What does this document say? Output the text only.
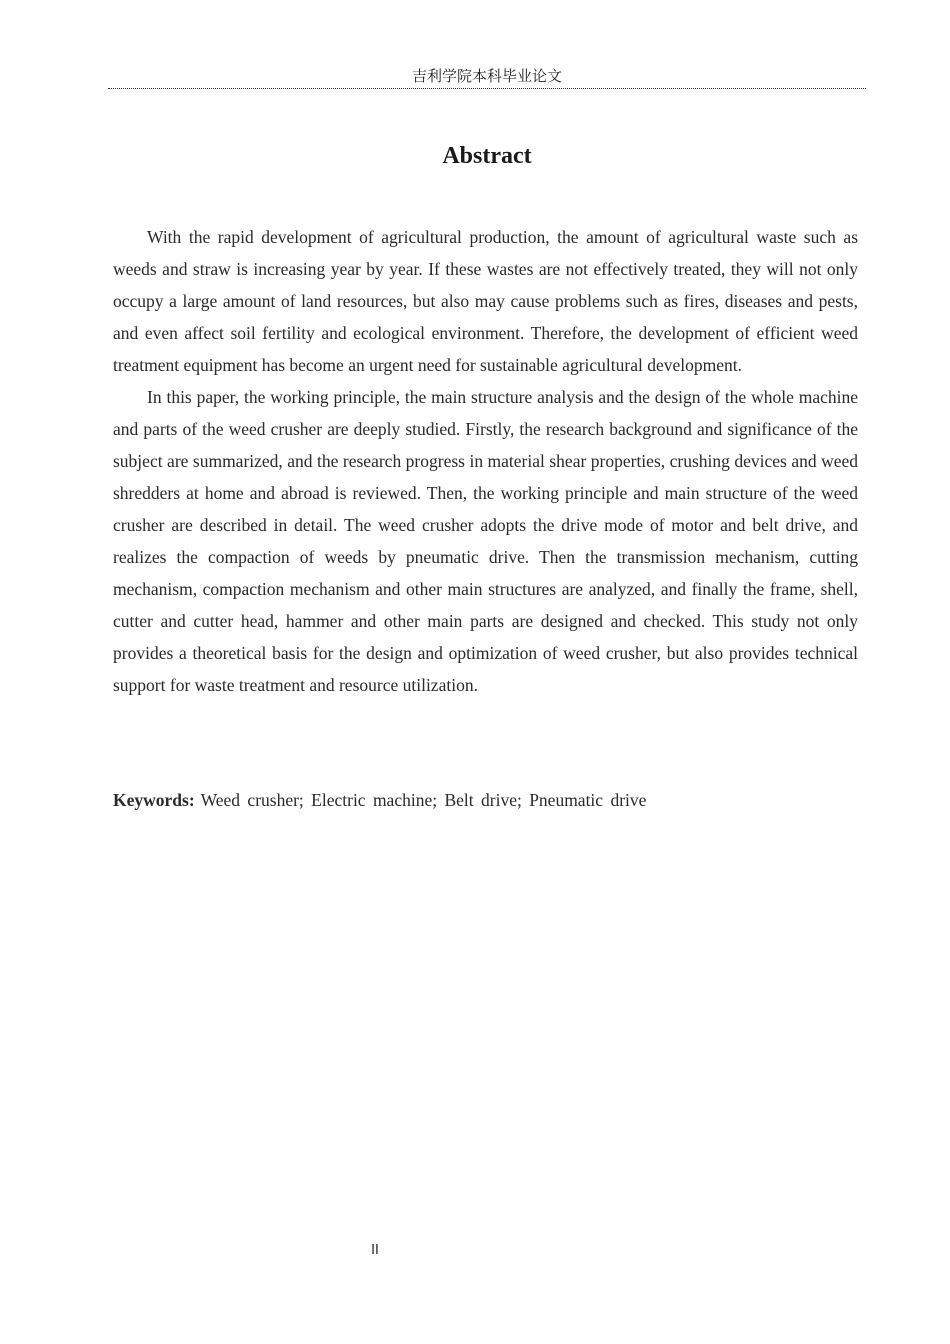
吉利学院本科毕业论文
Abstract

With the rapid development of agricultural production, the amount of agricultural waste such as weeds and straw is increasing year by year. If these wastes are not effectively treated, they will not only occupy a large amount of land resources, but also may cause problems such as fires, diseases and pests, and even affect soil fertility and ecological environment. Therefore, the development of efficient weed treatment equipment has become an urgent need for sustainable agricultural development.

In this paper, the working principle, the main structure analysis and the design of the whole machine and parts of the weed crusher are deeply studied. Firstly, the research background and significance of the subject are summarized, and the research progress in material shear properties, crushing devices and weed shredders at home and abroad is reviewed. Then, the working principle and main structure of the weed crusher are described in detail. The weed crusher adopts the drive mode of motor and belt drive, and realizes the compaction of weeds by pneumatic drive. Then the transmission mechanism, cutting mechanism, compaction mechanism and other main structures are analyzed, and finally the frame, shell, cutter and cutter head, hammer and other main parts are designed and checked. This study not only provides a theoretical basis for the design and optimization of weed crusher, but also provides technical support for waste treatment and resource utilization.

Keywords: Weed crusher; Electric machine; Belt drive; Pneumatic drive
II
